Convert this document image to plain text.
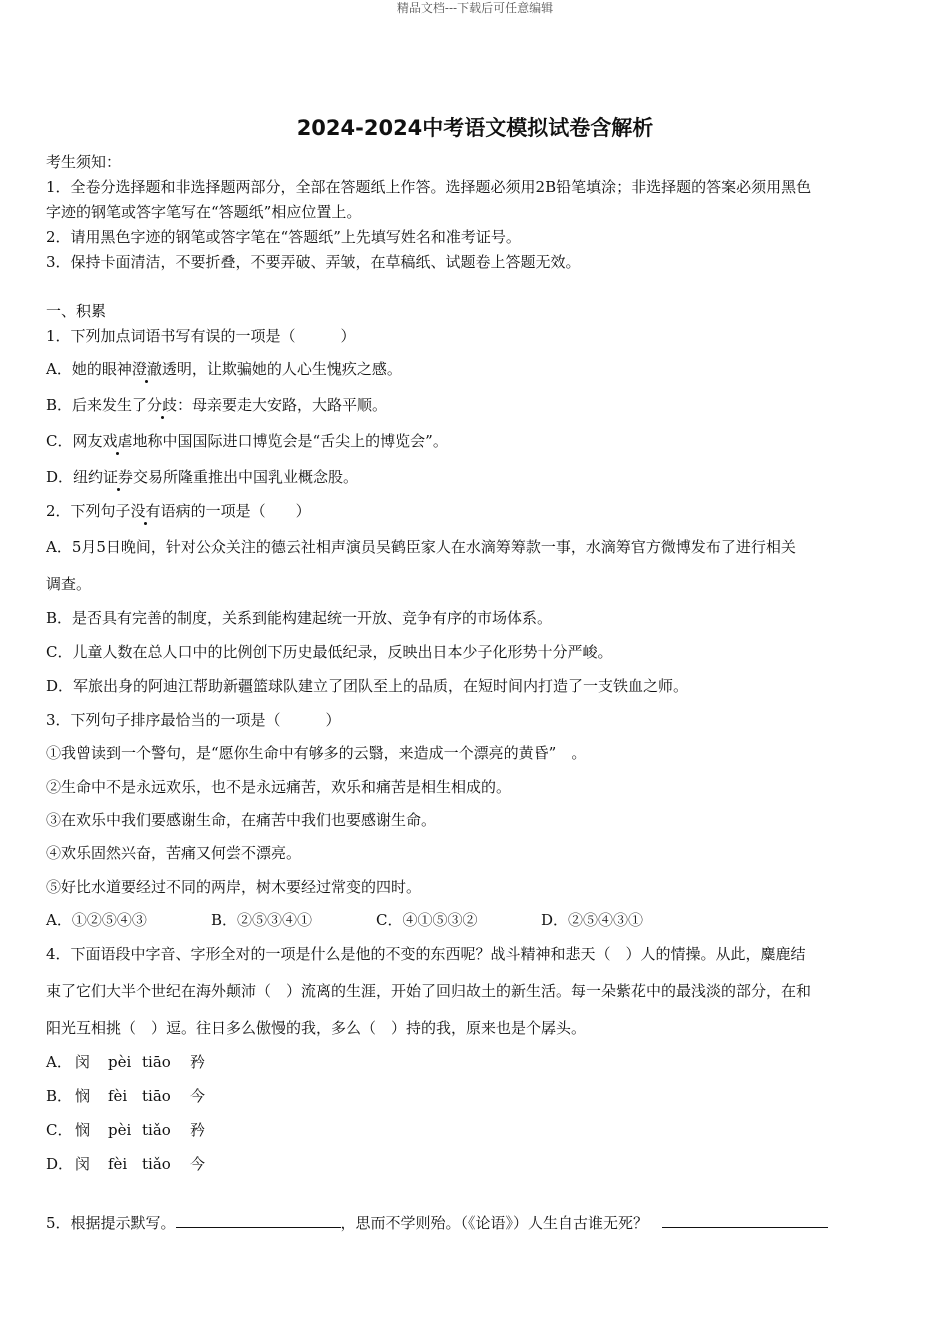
精品文档---下载后可任意编辑
2024-2024中考语文模拟试卷含解析
考生须知：
1．全卷分选择题和非选择题两部分，全部在答题纸上作答。选择题必须用2B铅笔填涂；非选择题的答案必须用黑色
字迹的钢笔或答字笔写在“答题纸”相应位置上。
2．请用黑色字迹的钢笔或答字笔在“答题纸”上先填写姓名和准考证号。
3．保持卡面清洁，不要折叠，不要弄破、弄皱，在草稿纸、试题卷上答题无效。
一、积累
1．下列加点词语书写有误的一项是（　　　）
A．她的眼神澄澈透明，让欺骗她的人心生愧疚之感。
B．后来发生了分歧：母亲要走大安路，大路平顺。
C．网友戏虐地称中国国际进口博览会是“舌尖上的博览会”。
D．纽约证券交易所隆重推出中国乳业概念股。
2．下列句子没有语病的一项是（　　）
A．5月5日晚间，针对公众关注的德云社相声演员吴鹤臣家人在水滴筹筹款一事，水滴筹官方微博发布了进行相关
调查。
B．是否具有完善的制度，关系到能构建起统一开放、竞争有序的市场体系。
C．儿童人数在总人口中的比例创下历史最低纪录，反映出日本少子化形势十分严峻。
D．军旅出身的阿迪江帮助新疆篮球队建立了团队至上的品质，在短时间内打造了一支铁血之师。
3．下列句子排序最恰当的一项是（　　　）
①我曾读到一个警句，是“愿你生命中有够多的云翳，来造成一个漂亮的黄昏”　。
②生命中不是永远欢乐，也不是永远痛苦，欢乐和痛苦是相生相成的。
③在欢乐中我们要感谢生命，在痛苦中我们也要感谢生命。
④欢乐固然兴奋，苦痛又何尝不漂亮。
⑤好比水道要经过不同的两岸，树木要经过常变的四时。
A．①②⑤④③	B．②⑤③④①	C．④①⑤③②	D．②⑤④③①
4．下面语段中字音、字形全对的一项是什么是他的不变的东西呢？战斗精神和悲天（　）人的情操。从此，麋鹿结
束了它们大半个世纪在海外颠沛（　）流离的生涯，开始了回归故土的新生活。每一朵紫花中的最浅淡的部分，在和
阳光互相挑（　）逗。往日多么傲慢的我，多么（　）持的我，原来也是个孱头。
A． 闵 pèi tiāo 矜
B． 悯 fèi tiāo 今
C． 悯 pèi tiǎo 矜
D． 闵 fèi tiǎo 今
5．根据提示默写。	，思而不学则殆。（《论语》）人生自古谁无死？
